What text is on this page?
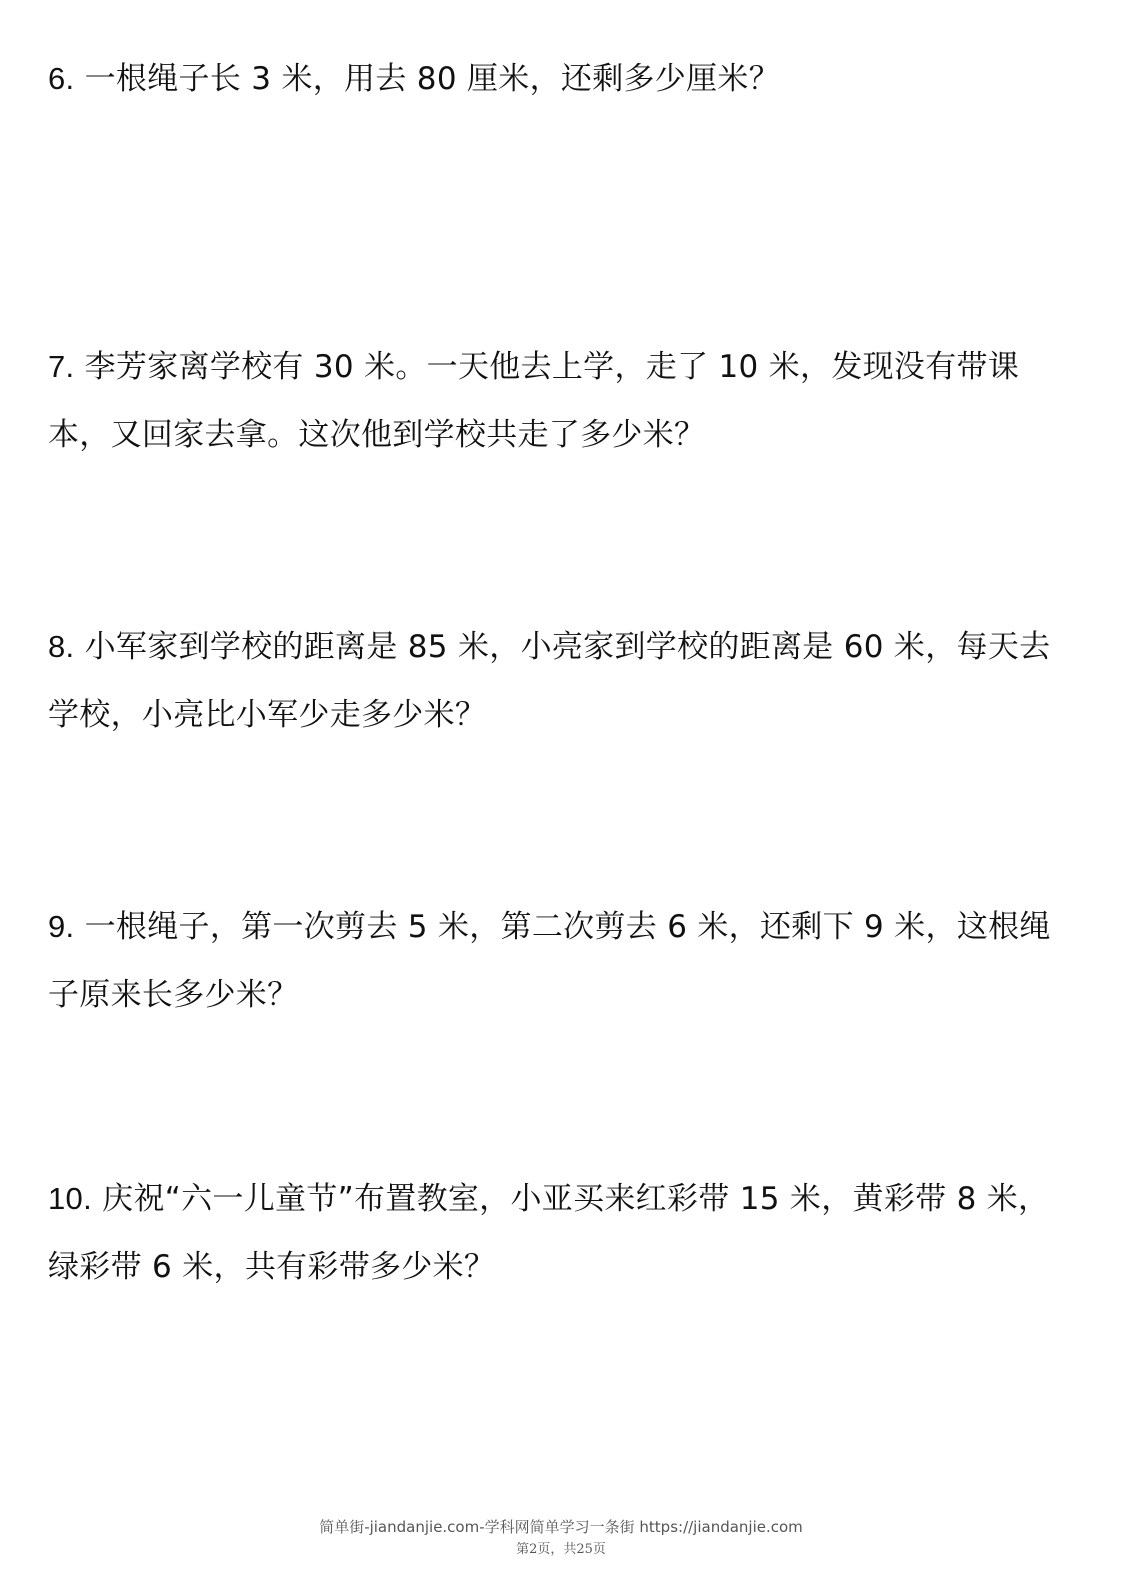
6. 一根绳子长 3 米，用去 80 厘米，还剩多少厘米？

7. 李芳家离学校有 30 米。一天他去上学，走了 10 米，发现没有带课本，又回家去拿。这次他到学校共走了多少米？

8. 小军家到学校的距离是 85 米，小亮家到学校的距离是 60 米，每天去学校，小亮比小军少走多少米？

9. 一根绳子，第一次剪去 5 米，第二次剪去 6 米，还剩下 9 米，这根绳子原来长多少米？

10. 庆祝“六一儿童节”布置教室，小亚买来红彩带 15 米，黄彩带 8 米，绿彩带 6 米，共有彩带多少米？

简单街-jiandanjie.com-学科网简单学习一条街 https://jiandanjie.com
第2页，共25页
